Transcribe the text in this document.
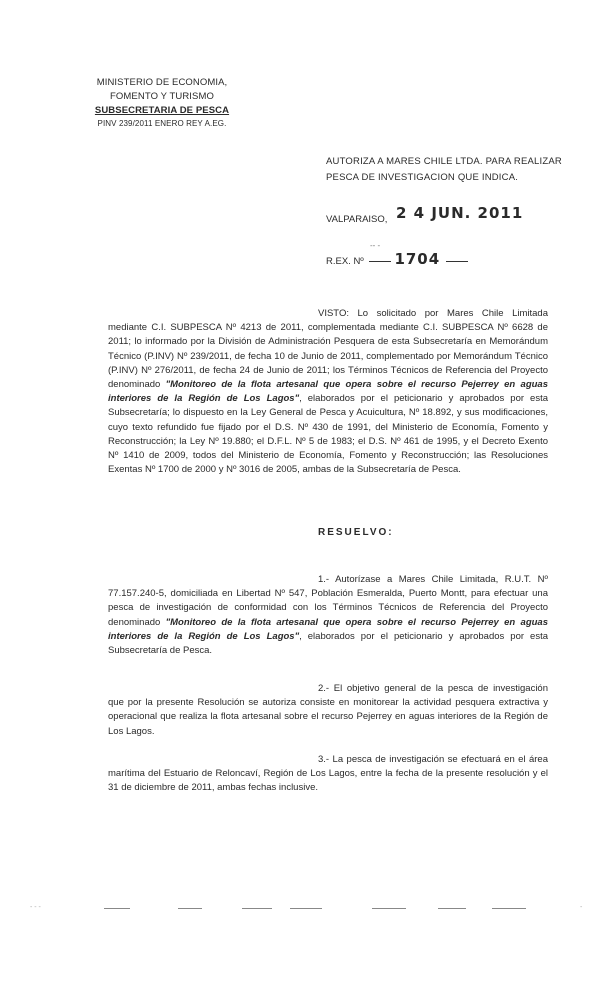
MINISTERIO DE ECONOMIA,
FOMENTO Y TURISMO
SUBSECRETARIA DE PESCA
PINV 239/2011 ENERO REY A.EG.
AUTORIZA A MARES CHILE LTDA. PARA REALIZAR
PESCA DE INVESTIGACION QUE INDICA.
VALPARAISO, 2 4 JUN. 2011
-- -
R.EX. Nº 1704
VISTO: Lo solicitado por Mares Chile Limitada mediante C.I. SUBPESCA Nº 4213 de 2011, complementada mediante C.I. SUBPESCA Nº 6628 de 2011; lo informado por la División de Administración Pesquera de esta Subsecretaría en Memorándum Técnico (P.INV) Nº 239/2011, de fecha 10 de Junio de 2011, complementado por Memorándum Técnico (P.INV) Nº 276/2011, de fecha 24 de Junio de 2011; los Términos Técnicos de Referencia del Proyecto denominado "Monitoreo de la flota artesanal que opera sobre el recurso Pejerrey en aguas interiores de la Región de Los Lagos", elaborados por el peticionario y aprobados por esta Subsecretaría; lo dispuesto en la Ley General de Pesca y Acuicultura, Nº 18.892, y sus modificaciones, cuyo texto refundido fue fijado por el D.S. Nº 430 de 1991, del Ministerio de Economía, Fomento y Reconstrucción; la Ley Nº 19.880; el D.F.L. Nº 5 de 1983; el D.S. Nº 461 de 1995, y el Decreto Exento Nº 1410 de 2009, todos del Ministerio de Economía, Fomento y Reconstrucción; las Resoluciones Exentas Nº 1700 de 2000 y Nº 3016 de 2005, ambas de la Subsecretaría de Pesca.
RESUELVO:
1.- Autorízase a Mares Chile Limitada, R.U.T. Nº 77.157.240-5, domiciliada en Libertad Nº 547, Población Esmeralda, Puerto Montt, para efectuar una pesca de investigación de conformidad con los Términos Técnicos de Referencia del Proyecto denominado "Monitoreo de la flota artesanal que opera sobre el recurso Pejerrey en aguas interiores de la Región de Los Lagos", elaborados por el peticionario y aprobados por esta Subsecretaría de Pesca.
2.- El objetivo general de la pesca de investigación que por la presente Resolución se autoriza consiste en monitorear la actividad pesquera extractiva y operacional que realiza la flota artesanal sobre el recurso Pejerrey en aguas interiores de la Región de Los Lagos.
3.- La pesca de investigación se efectuará en el área marítima del Estuario de Reloncaví, Región de Los Lagos, entre la fecha de la presente resolución y el 31 de diciembre de 2011, ambas fechas inclusive.
- - -	-
